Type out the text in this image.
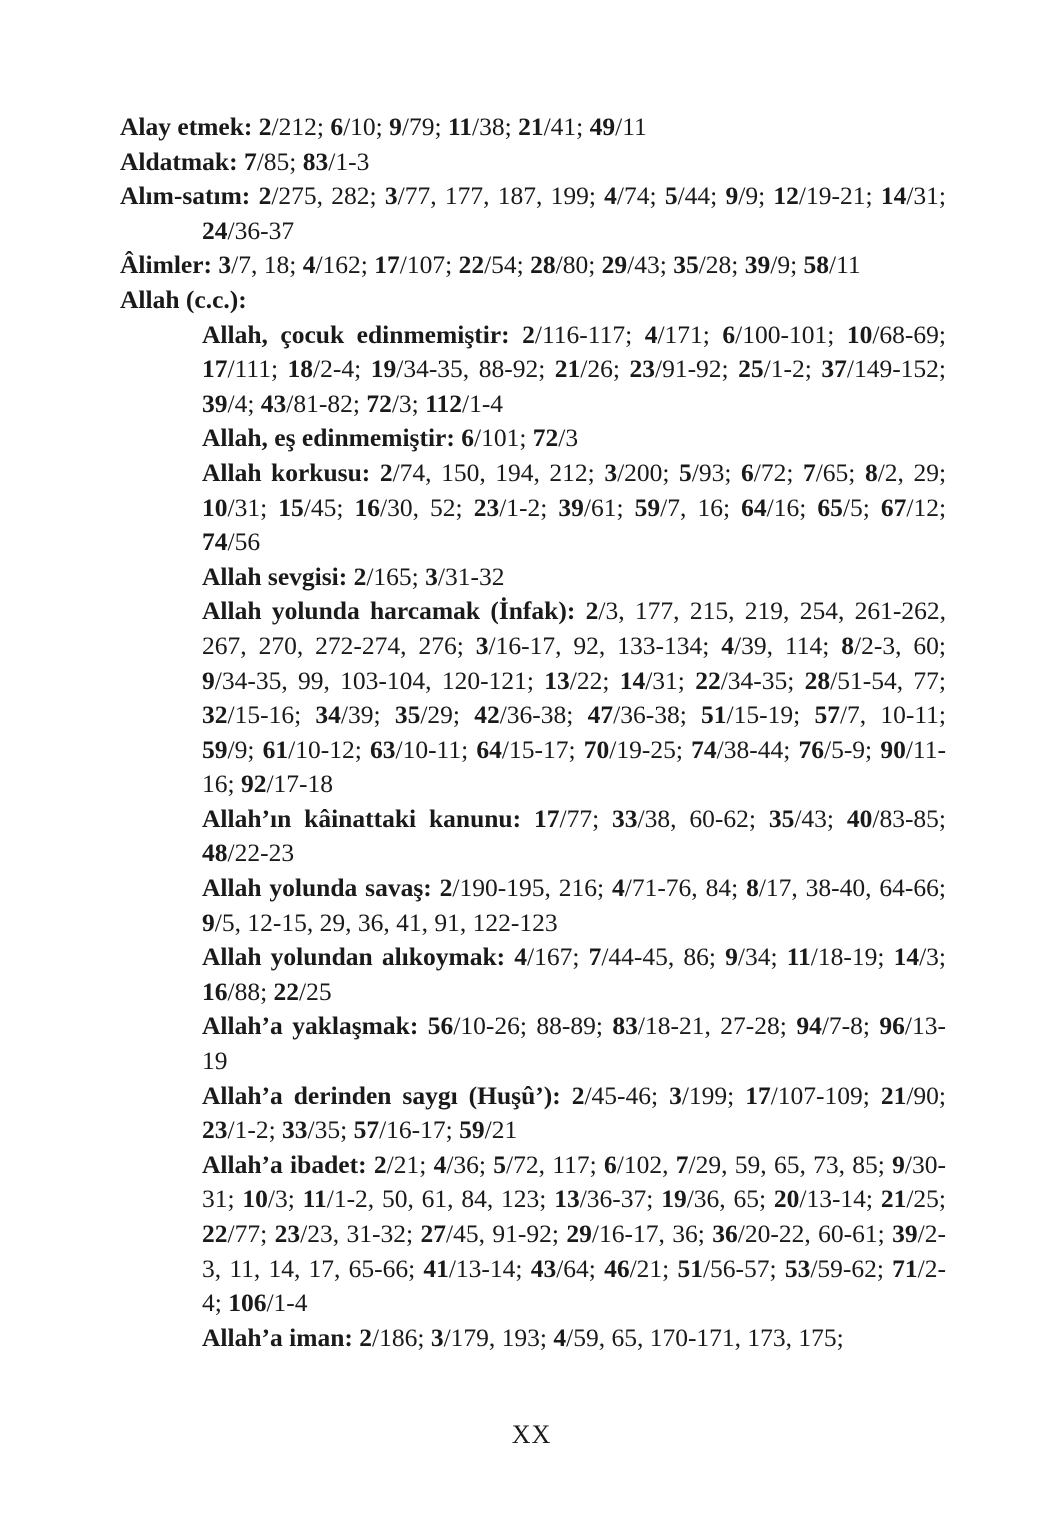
Alay etmek: 2/212; 6/10; 9/79; 11/38; 21/41; 49/11
Aldatmak: 7/85; 83/1-3
Alım-satım: 2/275, 282; 3/77, 177, 187, 199; 4/74; 5/44; 9/9; 12/19-21; 14/31; 24/36-37
Âlimler: 3/7, 18; 4/162; 17/107; 22/54; 28/80; 29/43; 35/28; 39/9; 58/11
Allah (c.c.):
Allah, çocuk edinmemiştir: 2/116-117; 4/171; 6/100-101; 10/68-69; 17/111; 18/2-4; 19/34-35, 88-92; 21/26; 23/91-92; 25/1-2; 37/149-152; 39/4; 43/81-82; 72/3; 112/1-4
Allah, eş edinmemiştir: 6/101; 72/3
Allah korkusu: 2/74, 150, 194, 212; 3/200; 5/93; 6/72; 7/65; 8/2, 29; 10/31; 15/45; 16/30, 52; 23/1-2; 39/61; 59/7, 16; 64/16; 65/5; 67/12; 74/56
Allah sevgisi: 2/165; 3/31-32
Allah yolunda harcamak (İnfak): 2/3, 177, 215, 219, 254, 261-262, 267, 270, 272-274, 276; 3/16-17, 92, 133-134; 4/39, 114; 8/2-3, 60; 9/34-35, 99, 103-104, 120-121; 13/22; 14/31; 22/34-35; 28/51-54, 77; 32/15-16; 34/39; 35/29; 42/36-38; 47/36-38; 51/15-19; 57/7, 10-11; 59/9; 61/10-12; 63/10-11; 64/15-17; 70/19-25; 74/38-44; 76/5-9; 90/11-16; 92/17-18
Allah’ın kâinattaki kanunu: 17/77; 33/38, 60-62; 35/43; 40/83-85; 48/22-23
Allah yolunda savaş: 2/190-195, 216; 4/71-76, 84; 8/17, 38-40, 64-66; 9/5, 12-15, 29, 36, 41, 91, 122-123
Allah yolundan alıkoymak: 4/167; 7/44-45, 86; 9/34; 11/18-19; 14/3; 16/88; 22/25
Allah’a yaklaşmak: 56/10-26; 88-89; 83/18-21, 27-28; 94/7-8; 96/13-19
Allah’a derinden saygı (Huşû’): 2/45-46; 3/199; 17/107-109; 21/90; 23/1-2; 33/35; 57/16-17; 59/21
Allah’a ibadet: 2/21; 4/36; 5/72, 117; 6/102, 7/29, 59, 65, 73, 85; 9/30-31; 10/3; 11/1-2, 50, 61, 84, 123; 13/36-37; 19/36, 65; 20/13-14; 21/25; 22/77; 23/23, 31-32; 27/45, 91-92; 29/16-17, 36; 36/20-22, 60-61; 39/2-3, 11, 14, 17, 65-66; 41/13-14; 43/64; 46/21; 51/56-57; 53/59-62; 71/2-4; 106/1-4
Allah’a iman: 2/186; 3/179, 193; 4/59, 65, 170-171, 173, 175;
XX
